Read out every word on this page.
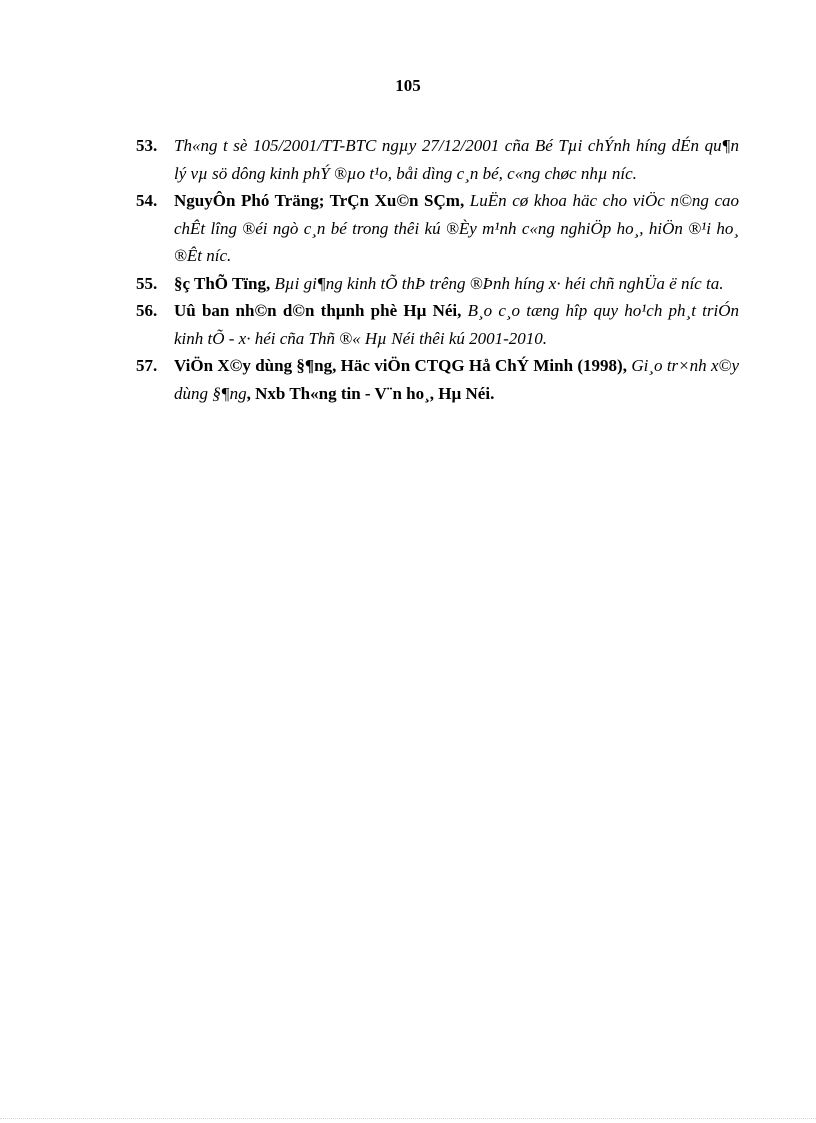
105
53. Th«ng t sè 105/2001/TT-BTC ngµy 27/12/2001 cña Bé Tµi chÝnh híng dÉn qu¶n lý vµ sö dông kinh phÝ ®µo t¹o, båi dìng c¸n bé, c«ng chøc nhµ níc.
54. NguyÔn Phó Träng; TrÇn Xu©n SÇm, LuËn cø khoa häc cho viÖc n©ng cao chÊt lîng ®éi ngò c¸n bé trong thêi kú ®Èy m¹nh c«ng nghiÖp ho¸, hiÖn ®¹i ho¸ ®Êt níc.
55. §ç ThÕ Tïng, Bµi gi¶ng kinh tÕ thÞ trêng ®Þnh híng x· héi chñ nghÜa ë níc ta.
56. Uû ban nh©n d©n thµnh phè Hµ Néi, B¸o c¸o tæng hîp quy ho¹ch ph¸t triÓn kinh tÕ - x· héi cña Thñ ®« Hµ Néi thêi kú 2001-2010.
57. ViÖn X©y dùng §¶ng, Häc viÖn CTQG Hå ChÝ Minh (1998), Gi¸o tr×nh x©y dùng §¶ng, Nxb Th«ng tin - V¨n ho¸, Hµ Néi.
